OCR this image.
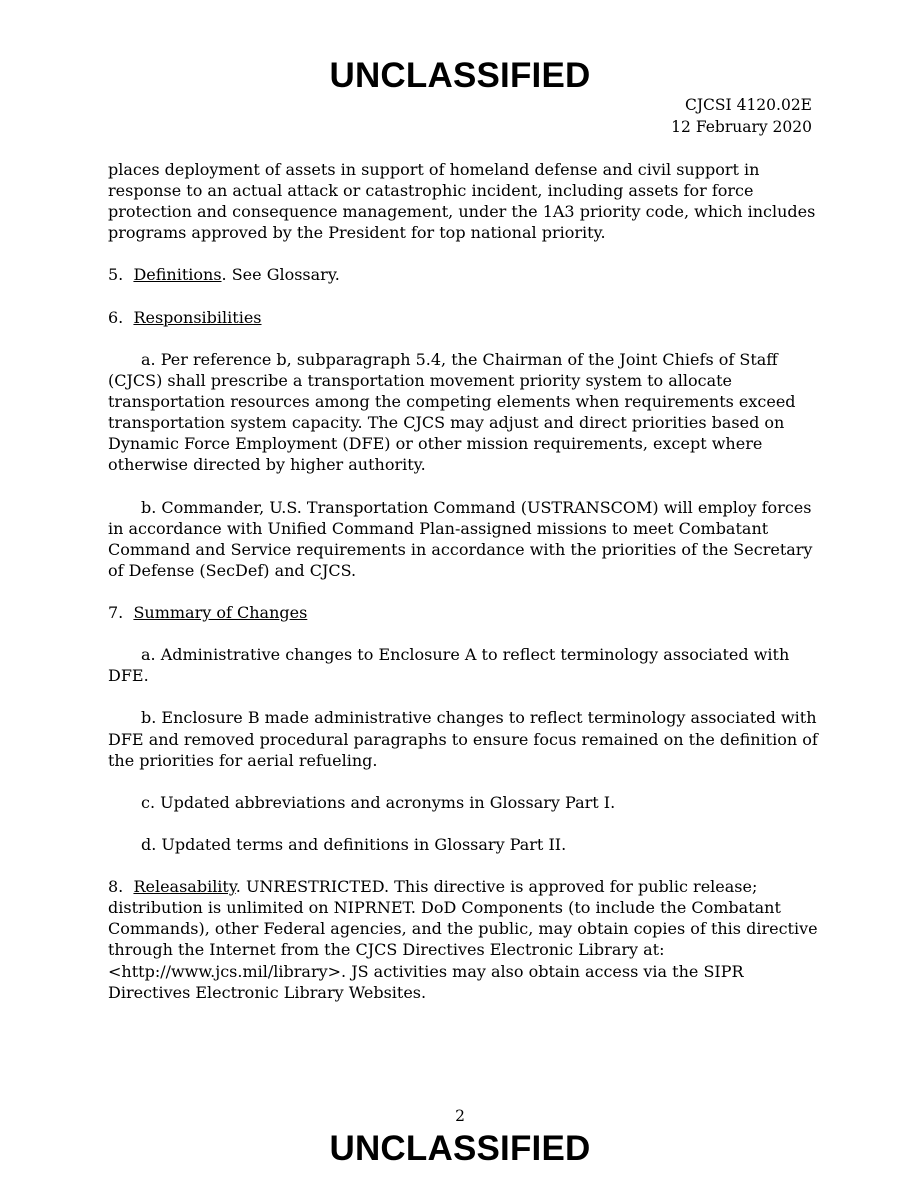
UNCLASSIFIED
CJCSI 4120.02E
12 February 2020

places deployment of assets in support of homeland defense and civil support in response to an actual attack or catastrophic incident, including assets for force protection and consequence management, under the 1A3 priority code, which includes programs approved by the President for top national priority.

5. Definitions. See Glossary.

6. Responsibilities

a. Per reference b, subparagraph 5.4, the Chairman of the Joint Chiefs of Staff (CJCS) shall prescribe a transportation movement priority system to allocate transportation resources among the competing elements when requirements exceed transportation system capacity. The CJCS may adjust and direct priorities based on Dynamic Force Employment (DFE) or other mission requirements, except where otherwise directed by higher authority.

b. Commander, U.S. Transportation Command (USTRANSCOM) will employ forces in accordance with Unified Command Plan-assigned missions to meet Combatant Command and Service requirements in accordance with the priorities of the Secretary of Defense (SecDef) and CJCS.

7. Summary of Changes

a. Administrative changes to Enclosure A to reflect terminology associated with DFE.

b. Enclosure B made administrative changes to reflect terminology associated with DFE and removed procedural paragraphs to ensure focus remained on the definition of the priorities for aerial refueling.

c. Updated abbreviations and acronyms in Glossary Part I.

d. Updated terms and definitions in Glossary Part II.

8. Releasability. UNRESTRICTED. This directive is approved for public release; distribution is unlimited on NIPRNET. DoD Components (to include the Combatant Commands), other Federal agencies, and the public, may obtain copies of this directive through the Internet from the CJCS Directives Electronic Library at: <http://www.jcs.mil/library>. JS activities may also obtain access via the SIPR Directives Electronic Library Websites.

2
UNCLASSIFIED
